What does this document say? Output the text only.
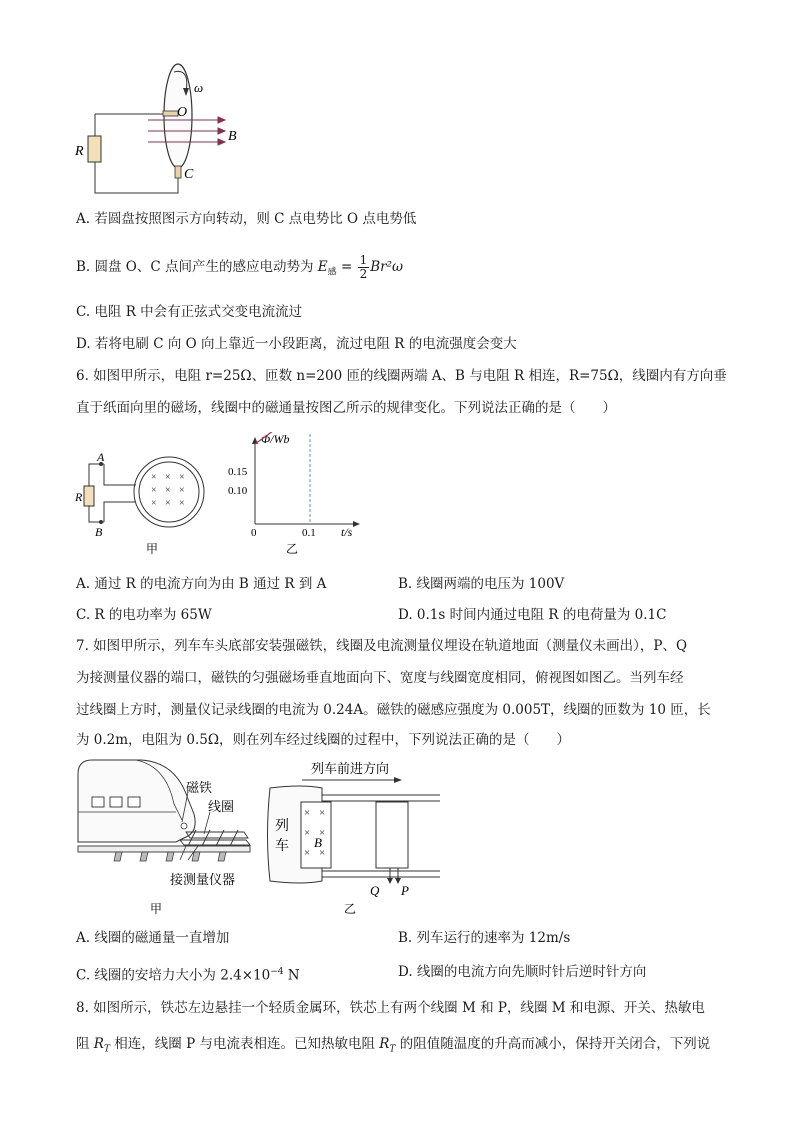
ω
O
B
R
C
A. 若圆盘按照图示方向转动，则 C 点电势比 O 点电势低
B. 圆盘 O、C 点间产生的感应电动势为 $E_感 = \frac{1}{2} Br^2\omega$
C. 电阻 R 中会有正弦式交变电流流过
D. 若将电刷 C 向 O 向上靠近一小段距离，流过电阻 R 的电流强度会变大
6. 如图甲所示，电阻 r=25Ω、匝数 n=200 匝的线圈两端 A、B 与电阻 R 相连，R=75Ω，线圈内有方向垂
直于纸面向里的磁场，线圈中的磁通量按图乙所示的规律变化。下列说法正确的是（　　）
× × ×
× × ×
× × ×
A
R
B
甲
Φ/Wb
t/s
0	0.1
0.15
0.10
乙
A. 通过 R 的电流方向为由 B 通过 R 到 A	B. 线圈两端的电压为 100V
C. R 的电功率为 65W	D. 0.1s 时间内通过电阻 R 的电荷量为 0.1C
7. 如图甲所示，列车车头底部安装强磁铁，线圈及电流测量仪埋设在轨道地面（测量仪未画出），P、Q
为接测量仪器的端口，磁铁的匀强磁场垂直地面向下、宽度与线圈宽度相同，俯视图如图乙。当列车经
过线圈上方时，测量仪记录线圈的电流为 0.24A。磁铁的磁感应强度为 0.005T，线圈的匝数为 10 匝，长
为 0.2m，电阻为 0.5Ω，则在列车经过线圈的过程中，下列说法正确的是（　　）
磁铁
线圈
接测量仪器
甲
列车前进方向
× ×
× ×
× ×
B
列
车
Q P
乙
A. 线圈的磁通量一直增加	B. 列车运行的速率为 12m/s
C. 线圈的安培力大小为 $2.4\times 10^{-4}$ N	D. 线圈的电流方向先顺时针后逆时针方向
8. 如图所示，铁芯左边悬挂一个轻质金属环，铁芯上有两个线圈 M 和 P，线圈 M 和电源、开关、热敏电
阻 $R_T$ 相连，线圈 P 与电流表相连。已知热敏电阻 $R_T$ 的阻值随温度的升高而减小，保持开关闭合，下列说
